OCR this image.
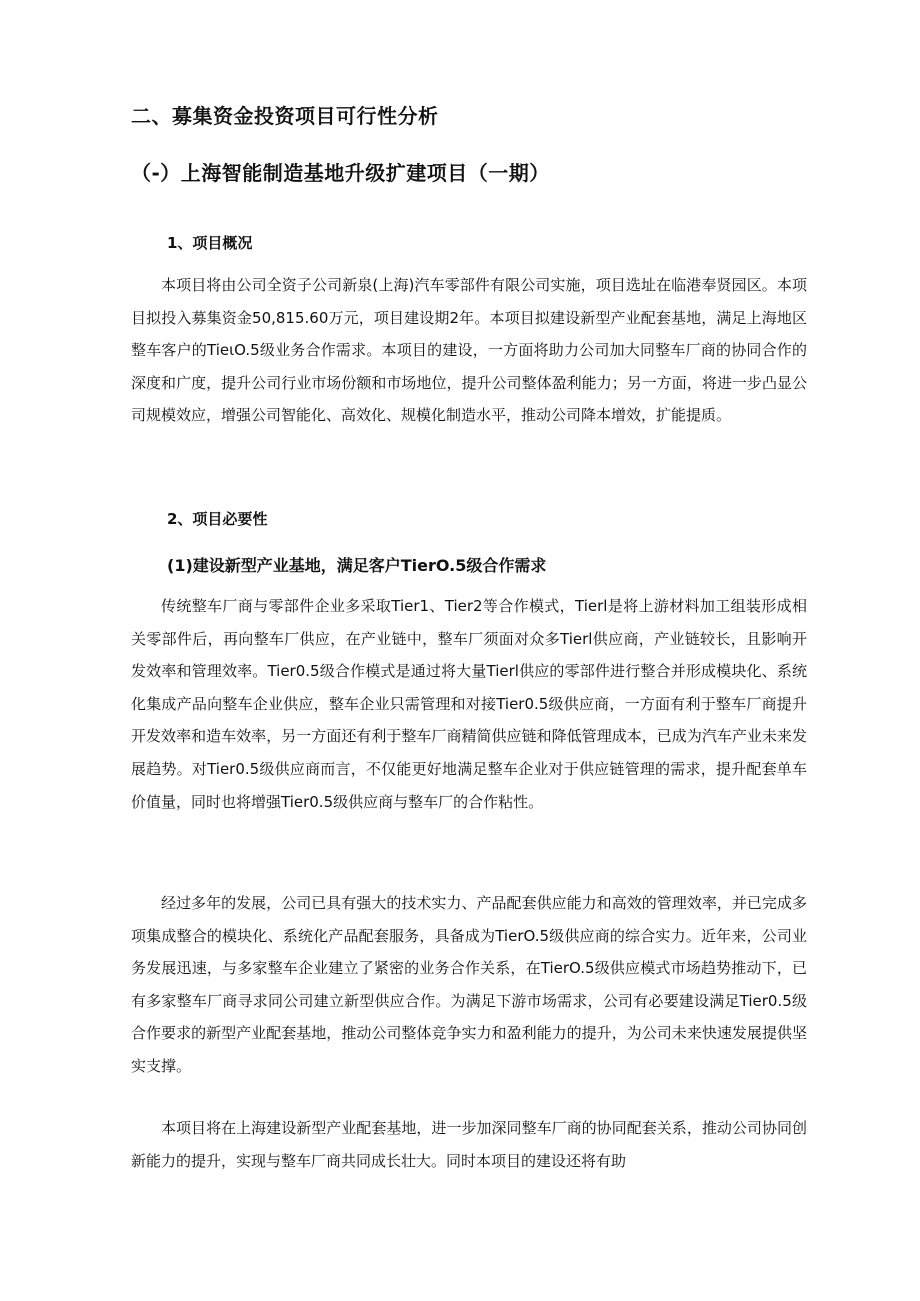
二、募集资金投资项目可行性分析
（-）上海智能制造基地升级扩建项目（一期）
1、项目概况

本项目将由公司全资子公司新泉(上海)汽车零部件有限公司实施，项目选址在临港奉贤园区。本项目拟投入募集资金50,815.60万元，项目建设期2年。本项目拟建设新型产业配套基地，满足上海地区整车客户的TieιO.5级业务合作需求。本项目的建设，一方面将助力公司加大同整车厂商的协同合作的深度和广度，提升公司行业市场份额和市场地位，提升公司整体盈利能力；另一方面，将进一步凸显公司规模效应，增强公司智能化、高效化、规模化制造水平，推动公司降本增效，扩能提质。

2、项目必要性
(1)建设新型产业基地，满足客户TierO.5级合作需求

传统整车厂商与零部件企业多采取Tier1、Tier2等合作模式，Tierl是将上游材料加工组装形成相关零部件后，再向整车厂供应，在产业链中，整车厂须面对众多Tierl供应商，产业链较长，且影响开发效率和管理效率。Tier0.5级合作模式是通过将大量Tierl供应的零部件进行整合并形成模块化、系统化集成产品向整车企业供应，整车企业只需管理和对接Tier0.5级供应商，一方面有利于整车厂商提升开发效率和造车效率，另一方面还有利于整车厂商精简供应链和降低管理成本，已成为汽车产业未来发展趋势。对Tier0.5级供应商而言，不仅能更好地满足整车企业对于供应链管理的需求，提升配套单车价值量，同时也将增强Tier0.5级供应商与整车厂的合作粘性。

经过多年的发展，公司已具有强大的技术实力、产品配套供应能力和高效的管理效率，并已完成多项集成整合的模块化、系统化产品配套服务，具备成为TierO.5级供应商的综合实力。近年来，公司业务发展迅速，与多家整车企业建立了紧密的业务合作关系，在TierO.5级供应模式市场趋势推动下，已有多家整车厂商寻求同公司建立新型供应合作。为满足下游市场需求，公司有必要建设满足Tier0.5级合作要求的新型产业配套基地，推动公司整体竞争实力和盈利能力的提升，为公司未来快速发展提供坚实支撑。

本项目将在上海建设新型产业配套基地，进一步加深同整车厂商的协同配套关系，推动公司协同创新能力的提升，实现与整车厂商共同成长壮大。同时本项目的建设还将有助
